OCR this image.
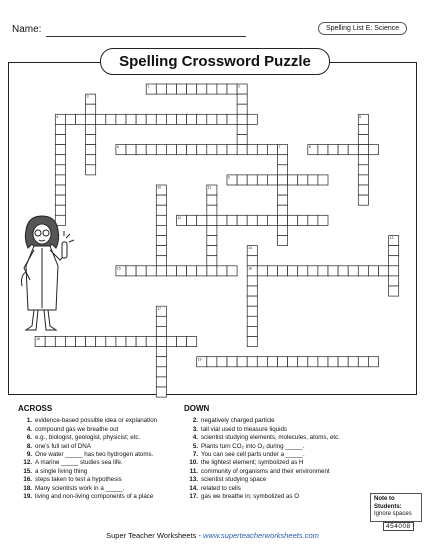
Name:	Spelling List E: Science
Spelling Crossword Puzzle
1	2
3
4	5
6	7	8
9
10	11
12
13
14
15	16
17
18
19
ACROSS
1. evidence-based possible idea or explanation
4. compound gas we breathe out
6. e.g., biologist, geologist, physicist; etc.
8. one's full set of DNA
9. One water _____ has two hydrogen atoms.
12. A marine _____ studies sea life.
15. a single living thing
16. steps taken to test a hypothesis
18. Many scientists work in a _____.
19. living and non-living components of a place
DOWN
2. negatively charged particle
3. tall vial used to measure liquids
4. scientist studying elements, molecules, atoms, etc.
5. Plants turn CO₂ into O₂ during _____.
7. You can see cell parts under a _____.
10. the lightest element; symbolized as H
11. community of organisms and their environment
13. scientist studying space
14. related to cells
17. gas we breathe in; symbolized as O	Note to Students:
Ignore spaces
454008
Super Teacher Worksheets - www.superteacherworksheets.com
